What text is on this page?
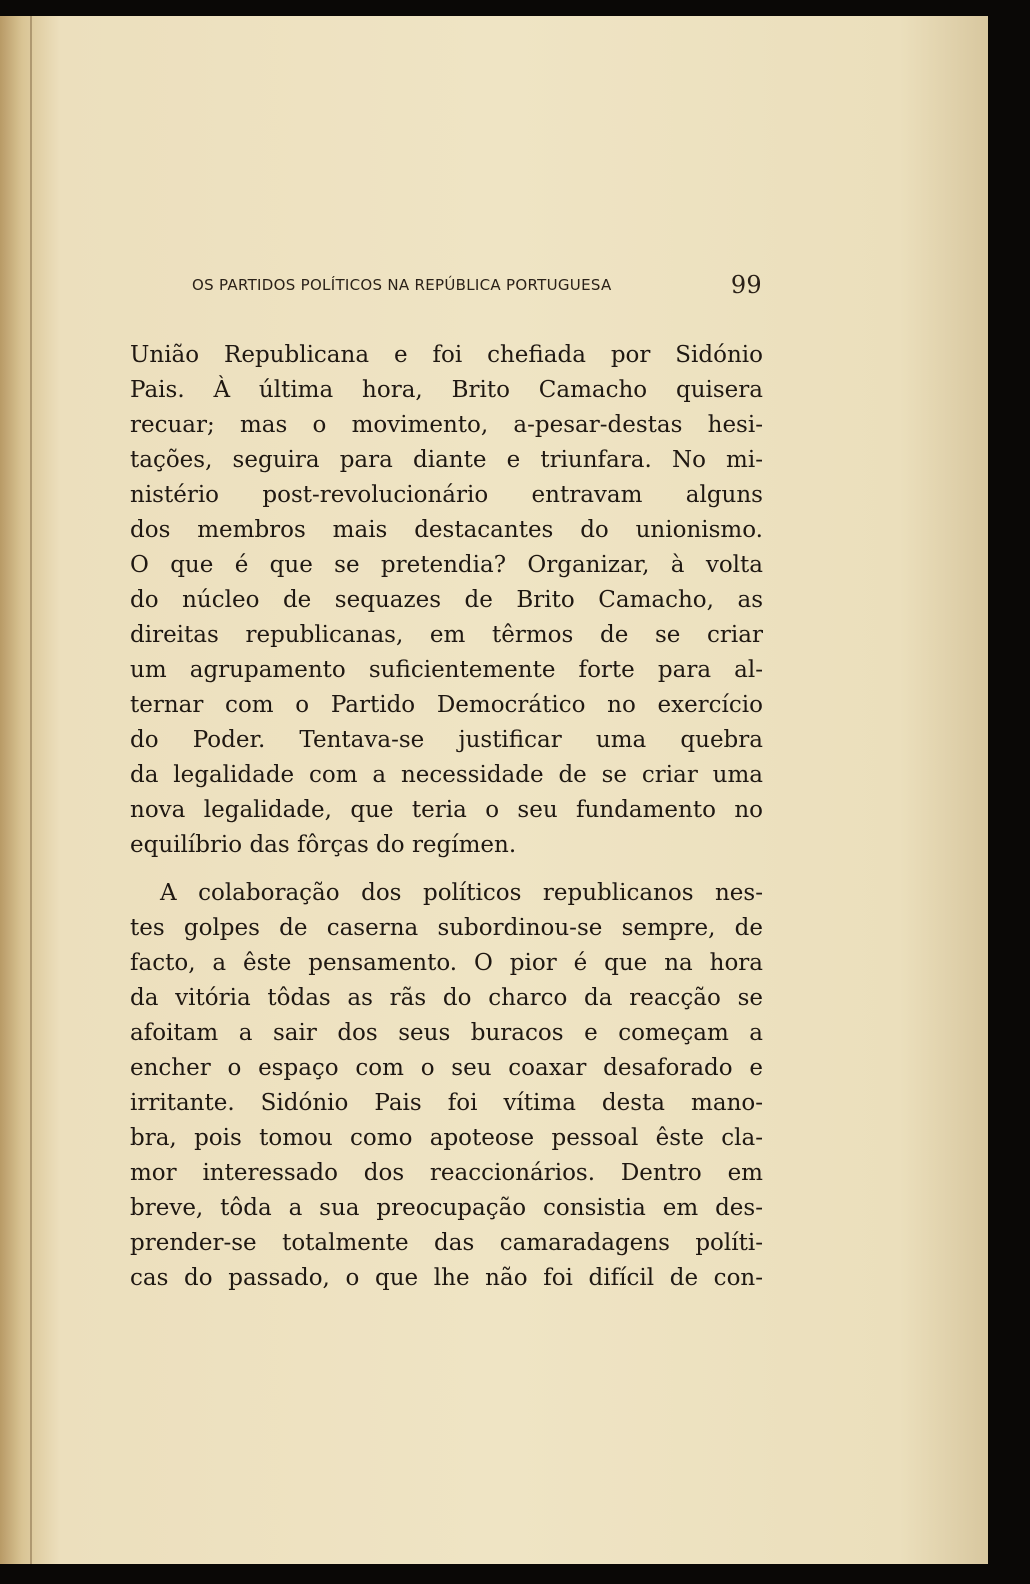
OS PARTIDOS POLÍTICOS NA REPÚBLICA PORTUGUESA	99
União Republicana e foi chefiada por Sidónio
Pais. À última hora, Brito Camacho quisera
recuar; mas o movimento, a-pesar-destas hesi-
tações, seguira para diante e triunfara. No mi-
nistério post-revolucionário entravam alguns
dos membros mais destacantes do unionismo.
O que é que se pretendia? Organizar, à volta
do núcleo de sequazes de Brito Camacho, as
direitas republicanas, em têrmos de se criar
um agrupamento suficientemente forte para al-
ternar com o Partido Democrático no exercício
do Poder. Tentava-se justificar uma quebra
da legalidade com a necessidade de se criar uma
nova legalidade, que teria o seu fundamento no
equilíbrio das fôrças do regímen.
A colaboração dos políticos republicanos nes-
tes golpes de caserna subordinou-se sempre, de
facto, a êste pensamento. O pior é que na hora
da vitória tôdas as rãs do charco da reacção se
afoitam a sair dos seus buracos e começam a
encher o espaço com o seu coaxar desaforado e
irritante. Sidónio Pais foi vítima desta mano-
bra, pois tomou como apoteose pessoal êste cla-
mor interessado dos reaccionários. Dentro em
breve, tôda a sua preocupação consistia em des-
prender-se totalmente das camaradagens políti-
cas do passado, o que lhe não foi difícil de con-
